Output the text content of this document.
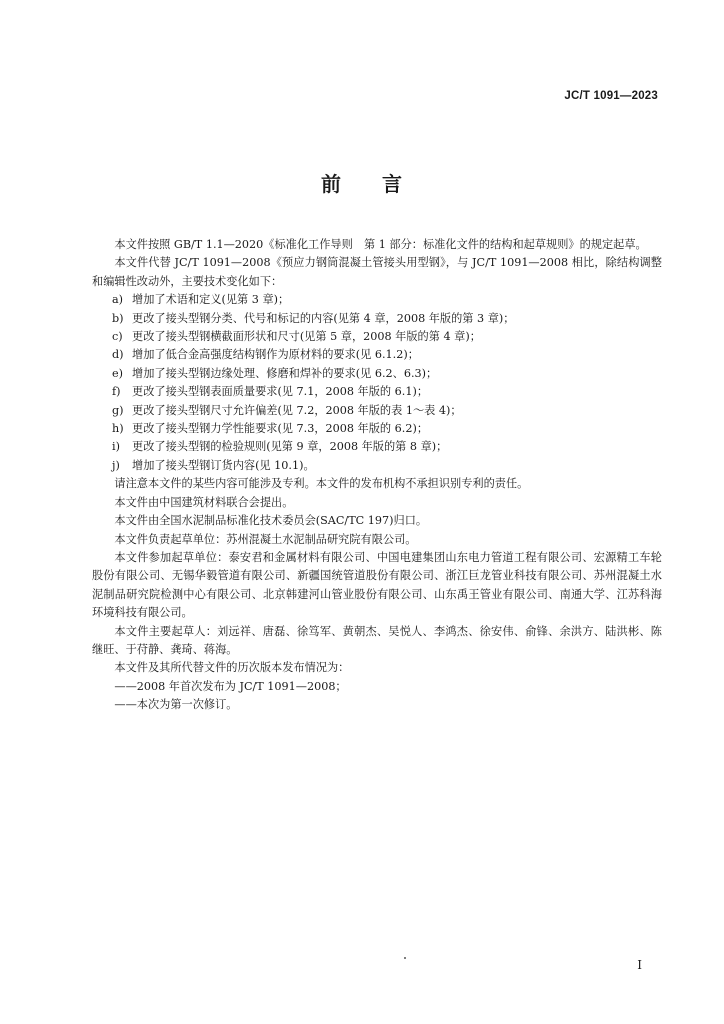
JC/T 1091—2023
前 言

本文件按照 GB/T 1.1—2020《标准化工作导则　第 1 部分：标准化文件的结构和起草规则》的规定起草。

本文件代替 JC/T 1091—2008《预应力钢筒混凝土管接头用型钢》，与 JC/T 1091—2008 相比，除结构调整和编辑性改动外，主要技术变化如下：

a) 增加了术语和定义(见第 3 章)；

b) 更改了接头型钢分类、代号和标记的内容(见第 4 章，2008 年版的第 3 章)；

c) 更改了接头型钢横截面形状和尺寸(见第 5 章，2008 年版的第 4 章)；

d) 增加了低合金高强度结构钢作为原材料的要求(见 6.1.2)；

e) 增加了接头型钢边缘处理、修磨和焊补的要求(见 6.2、6.3)；

f)	更改了接头型钢表面质量要求(见 7.1，2008 年版的 6.1)；

g) 更改了接头型钢尺寸允许偏差(见 7.2，2008 年版的表 1～表 4)；

h) 更改了接头型钢力学性能要求(见 7.3，2008 年版的 6.2)；

i)	更改了接头型钢的检验规则(见第 9 章，2008 年版的第 8 章)；

j)	增加了接头型钢订货内容(见 10.1)。

请注意本文件的某些内容可能涉及专利。本文件的发布机构不承担识别专利的责任。

本文件由中国建筑材料联合会提出。

本文件由全国水泥制品标准化技术委员会(SAC/TC 197)归口。

本文件负责起草单位：苏州混凝土水泥制品研究院有限公司。

本文件参加起草单位：泰安君和金属材料有限公司、中国电建集团山东电力管道工程有限公司、宏源精工车轮股份有限公司、无锡华毅管道有限公司、新疆国统管道股份有限公司、浙江巨龙管业科技有限公司、苏州混凝土水泥制品研究院检测中心有限公司、北京韩建河山管业股份有限公司、山东禹王管业有限公司、南通大学、江苏科海环境科技有限公司。

本文件主要起草人：刘远祥、唐磊、徐笃军、黄朝杰、吴悦人、李鸿杰、徐安伟、俞锋、余洪方、陆洪彬、陈继旺、于苻静、龚琦、蒋海。

本文件及其所代替文件的历次版本发布情况为：

——2008 年首次发布为 JC/T 1091—2008；

——本次为第一次修订。

I
